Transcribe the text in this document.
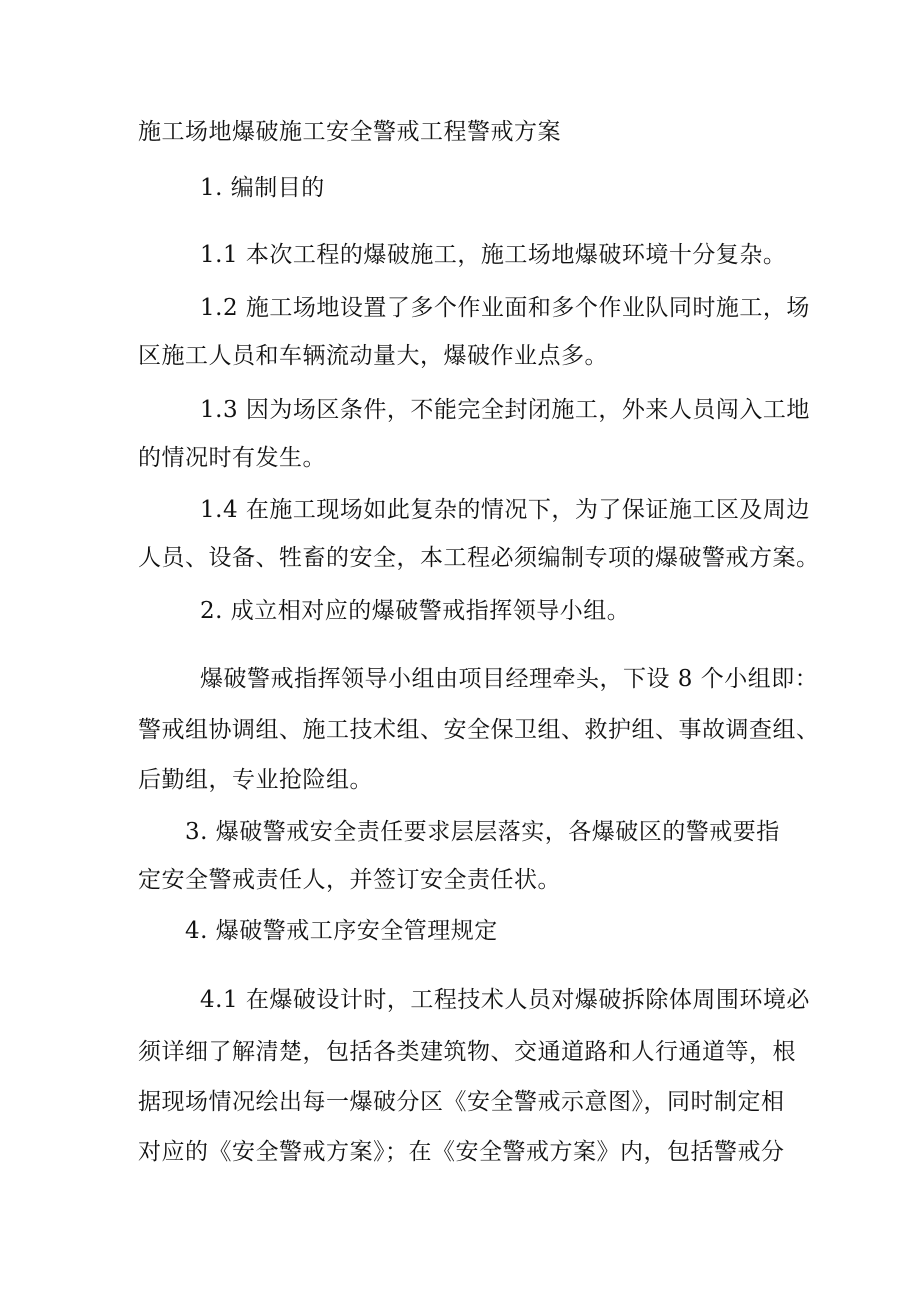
施工场地爆破施工安全警戒工程警戒方案
1. 编制目的
1.1 本次工程的爆破施工，施工场地爆破环境十分复杂。
1.2 施工场地设置了多个作业面和多个作业队同时施工，场
区施工人员和车辆流动量大，爆破作业点多。
1.3 因为场区条件，不能完全封闭施工，外来人员闯入工地
的情况时有发生。
1.4 在施工现场如此复杂的情况下，为了保证施工区及周边
人员、设备、牲畜的安全，本工程必须编制专项的爆破警戒方案。
2. 成立相对应的爆破警戒指挥领导小组。
爆破警戒指挥领导小组由项目经理牵头，下设 8 个小组即：
警戒组协调组、施工技术组、安全保卫组、救护组、事故调查组、
后勤组，专业抢险组。
3. 爆破警戒安全责任要求层层落实，各爆破区的警戒要指
定安全警戒责任人，并签订安全责任状。
4. 爆破警戒工序安全管理规定
4.1 在爆破设计时，工程技术人员对爆破拆除体周围环境必
须详细了解清楚，包括各类建筑物、交通道路和人行通道等，根
据现场情况绘出每一爆破分区《安全警戒示意图》，同时制定相
对应的《安全警戒方案》；在《安全警戒方案》内，包括警戒分
